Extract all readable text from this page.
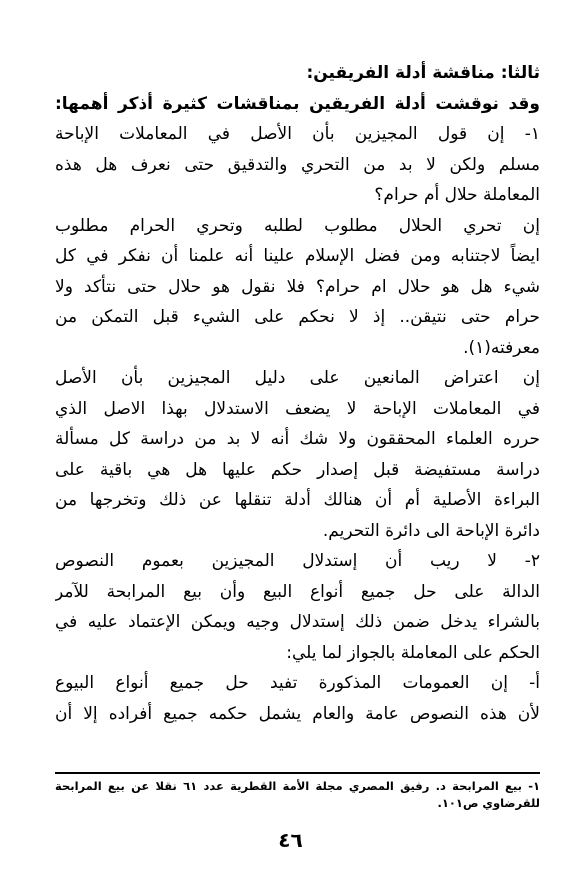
ثالثا: مناقشة أدلة الفريقين:
وقد نوقشت أدلة الفريقين بمناقشات كثيرة أذكر أهمها:
١- إن قول المجيزين بأن الأصل في المعاملات الإباحة
مسلم ولكن لا بد من التحري والتدقيق حتى نعرف هل هذه
المعاملة حلال أم حرام؟
إن تحري الحلال مطلوب لطلبه وتحري الحرام مطلوب
ايضاً لاجتنابه ومن فضل الإسلام علينا أنه علمنا أن نفكر في كل
شيء هل هو حلال ام حرام؟ فلا نقول هو حلال حتى نتأكد ولا
حرام حتى نتيقن.. إذ لا نحكم على الشيء قبل التمكن من
معرفته(١).
إن اعتراض المانعين على دليل المجيزين بأن الأصل
في المعاملات الإباحة لا يضعف الاستدلال بهذا الاصل الذي
حرره العلماء المحققون ولا شك أنه لا بد من دراسة كل مسألة
دراسة مستفيضة قبل إصدار حكم عليها هل هي باقية على
البراءة الأصلية أم أن هنالك أدلة تنقلها عن ذلك وتخرجها من
دائرة الإباحة الى دائرة التحريم.
٢- لا ريب أن إستدلال المجيزين بعموم النصوص
الدالة على حل جميع أنواع البيع وأن بيع المرابحة للآمر
بالشراء يدخل ضمن ذلك إستدلال وجيه ويمكن الإعتماد عليه في
الحكم على المعاملة بالجواز لما يلي:
أ- إن العمومات المذكورة تفيد حل جميع أنواع البيوع
لأن هذه النصوص عامة والعام يشمل حكمه جميع أفراده إلا أن
١- بيع المرابحة د. رفيق المصري مجلة الأمة القطرية عدد ٦١ نقلا عن بيع المرابحة
للقرضاوي ص١٠١.
٤٦
